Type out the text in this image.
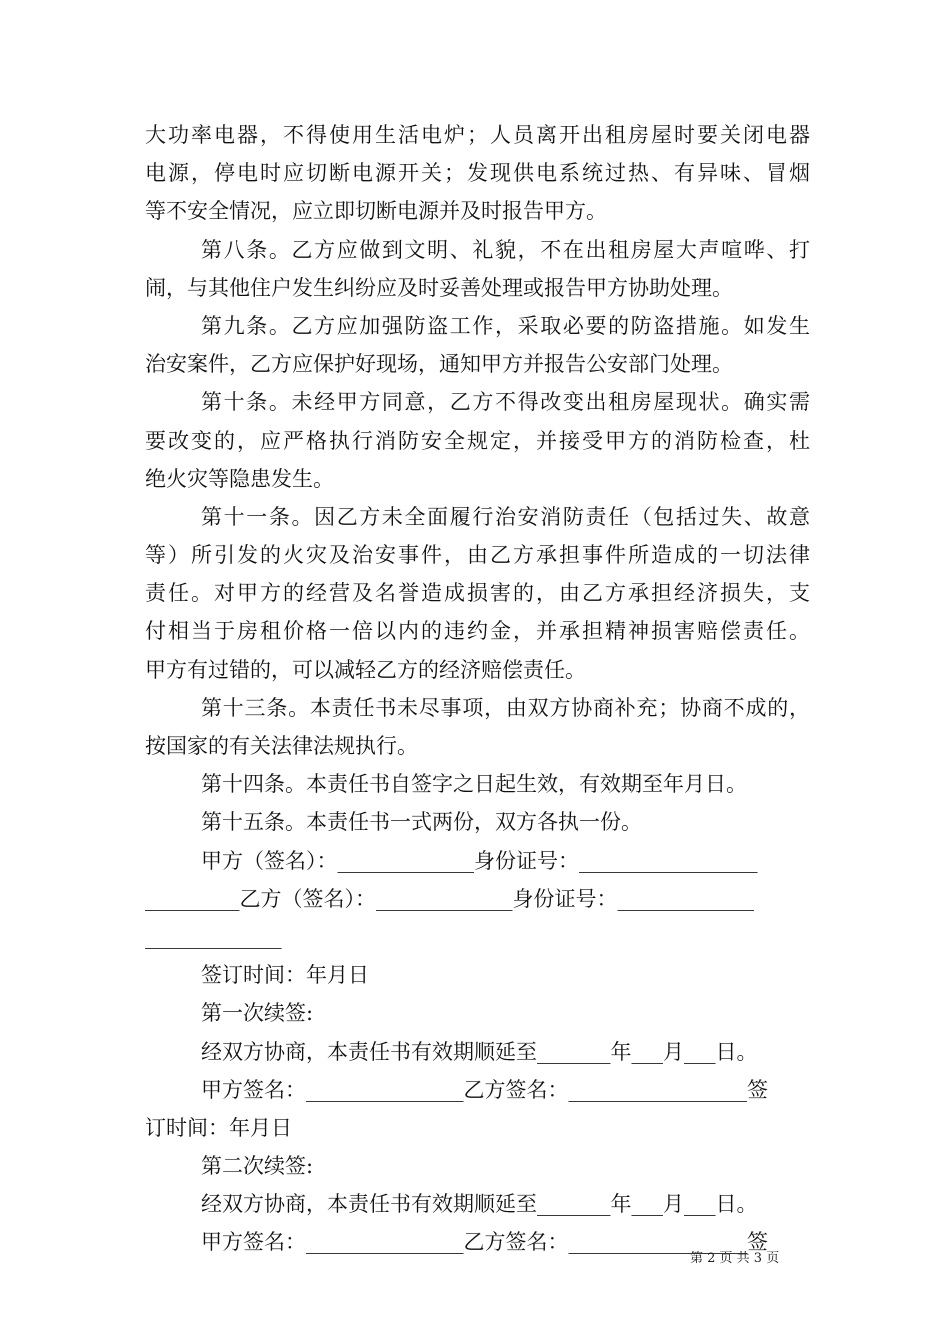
大功率电器，不得使用生活电炉；人员离开出租房屋时要关闭电器
电源，停电时应切断电源开关；发现供电系统过热、有异味、冒烟
等不安全情况，应立即切断电源并及时报告甲方。
第八条。乙方应做到文明、礼貌，不在出租房屋大声喧哗、打
闹，与其他住户发生纠纷应及时妥善处理或报告甲方协助处理。
第九条。乙方应加强防盗工作，采取必要的防盗措施。如发生
治安案件，乙方应保护好现场，通知甲方并报告公安部门处理。
第十条。未经甲方同意，乙方不得改变出租房屋现状。确实需
要改变的，应严格执行消防安全规定，并接受甲方的消防检查，杜
绝火灾等隐患发生。
第十一条。因乙方未全面履行治安消防责任（包括过失、故意
等）所引发的火灾及治安事件，由乙方承担事件所造成的一切法律
责任。对甲方的经营及名誉造成损害的，由乙方承担经济损失，支
付相当于房租价格一倍以内的违约金，并承担精神损害赔偿责任。
甲方有过错的，可以减轻乙方的经济赔偿责任。
第十三条。本责任书未尽事项，由双方协商补充；协商不成的，
按国家的有关法律法规执行。
第十四条。本责任书自签字之日起生效，有效期至年月日。
第十五条。本责任书一式两份，双方各执一份。
甲方（签名）：_____________身份证号：_________________
_________乙方（签名）：_____________身份证号：_____________
_____________
签订时间：年月日
第一次续签:
经双方协商，本责任书有效期顺延至_______年___月___日。
甲方签名：_______________乙方签名：_________________签
订时间：年月日
第二次续签:
经双方协商，本责任书有效期顺延至_______年___月___日。
甲方签名：_______________乙方签名：_________________签
第 2 页 共 3 页
